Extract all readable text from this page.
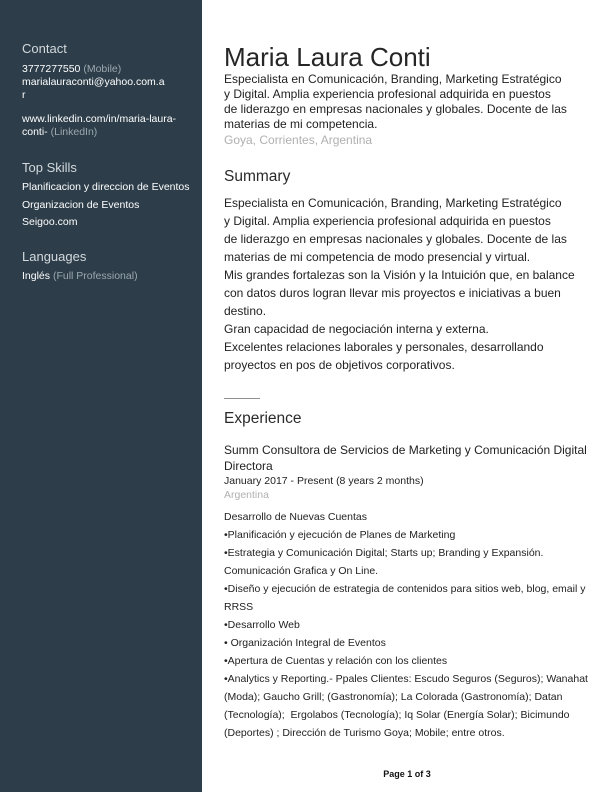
Contact
3777277550 (Mobile)
marialauraconti@yahoo.com.a
r
www.linkedin.com/in/maria-laura-
conti- (LinkedIn)
Top Skills
Planificacion y direccion de Eventos
Organizacion de Eventos
Seigoo.com
Languages
Inglés (Full Professional)
Maria Laura Conti
Especialista en Comunicación, Branding, Marketing Estratégico
y Digital. Amplia experiencia profesional adquirida en puestos
de liderazgo en empresas nacionales y globales. Docente de las
materias de mi competencia.
Goya, Corrientes, Argentina
Summary
Especialista en Comunicación, Branding, Marketing Estratégico
y Digital. Amplia experiencia profesional adquirida en puestos
de liderazgo en empresas nacionales y globales. Docente de las
materias de mi competencia de modo presencial y virtual.
Mis grandes fortalezas son la Visión y la Intuición que, en balance
con datos duros logran llevar mis proyectos e iniciativas a buen
destino.
Gran capacidad de negociación interna y externa.
Excelentes relaciones laborales y personales, desarrollando
proyectos en pos de objetivos corporativos.
Experience
Summ Consultora de Servicios de Marketing y Comunicación Digital
Directora
January 2017 - Present (8 years 2 months)
Argentina
Desarrollo de Nuevas Cuentas
•Planificación y ejecución de Planes de Marketing
•Estrategia y Comunicación Digital; Starts up; Branding y Expansión.
Comunicación Grafica y On Line.
•Diseño y ejecución de estrategia de contenidos para sitios web, blog, email y
RRSS
•Desarrollo Web
• Organización Integral de Eventos
•Apertura de Cuentas y relación con los clientes
•Analytics y Reporting.- Ppales Clientes: Escudo Seguros (Seguros); Wanahat
(Moda); Gaucho Grill; (Gastronomía); La Colorada (Gastronomía); Datan
(Tecnología);  Ergolabos (Tecnología); Iq Solar (Energía Solar); Bicimundo
(Deportes) ; Dirección de Turismo Goya; Mobile; entre otros.
Page 1 of 3
